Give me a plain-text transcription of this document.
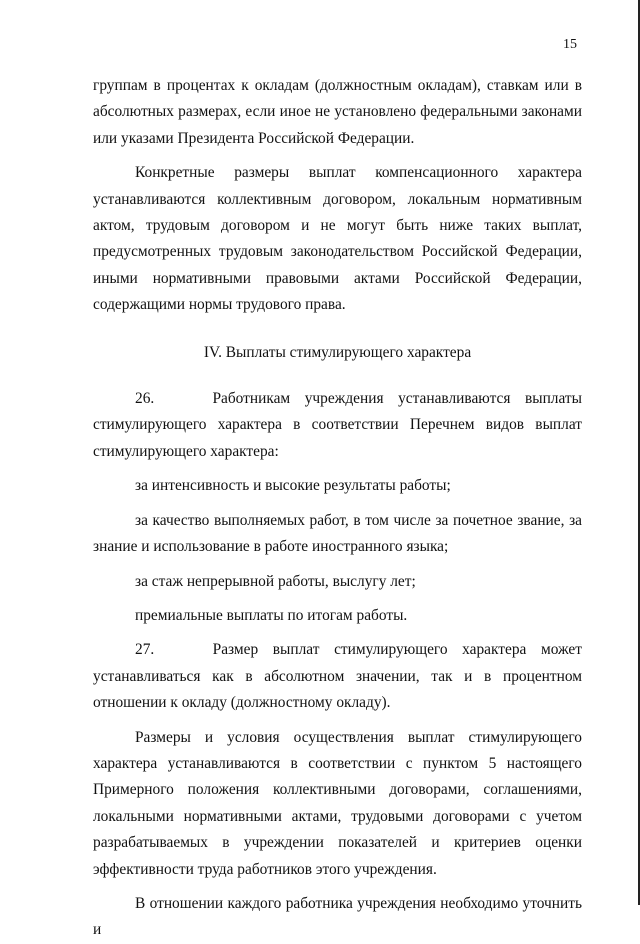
15

группам в процентах к окладам (должностным окладам), ставкам или в абсолютных размерах, если иное не установлено федеральными законами или указами Президента Российской Федерации.

Конкретные размеры выплат компенсационного характера устанавливаются коллективным договором, локальным нормативным актом, трудовым договором и не могут быть ниже таких выплат, предусмотренных трудовым законодательством Российской Федерации, иными нормативными правовыми актами Российской Федерации, содержащими нормы трудового права.

IV. Выплаты стимулирующего характера

26.    Работникам учреждения устанавливаются выплаты стимулирующего характера в соответствии Перечнем видов выплат стимулирующего характера:

за интенсивность и высокие результаты работы;

за качество выполняемых работ, в том числе за почетное звание, за знание и использование в работе иностранного языка;

за стаж непрерывной работы, выслугу лет;

премиальные выплаты по итогам работы.

27.    Размер выплат стимулирующего характера может устанавливаться как в абсолютном значении, так и в процентном отношении к окладу (должностному окладу).

Размеры и условия осуществления выплат стимулирующего характера устанавливаются в соответствии с пунктом 5 настоящего Примерного положения коллективными договорами, соглашениями, локальными нормативными актами, трудовыми договорами с учетом разрабатываемых в учреждении показателей и критериев оценки эффективности труда работников этого учреждения.

В отношении каждого работника учреждения необходимо уточнить и
